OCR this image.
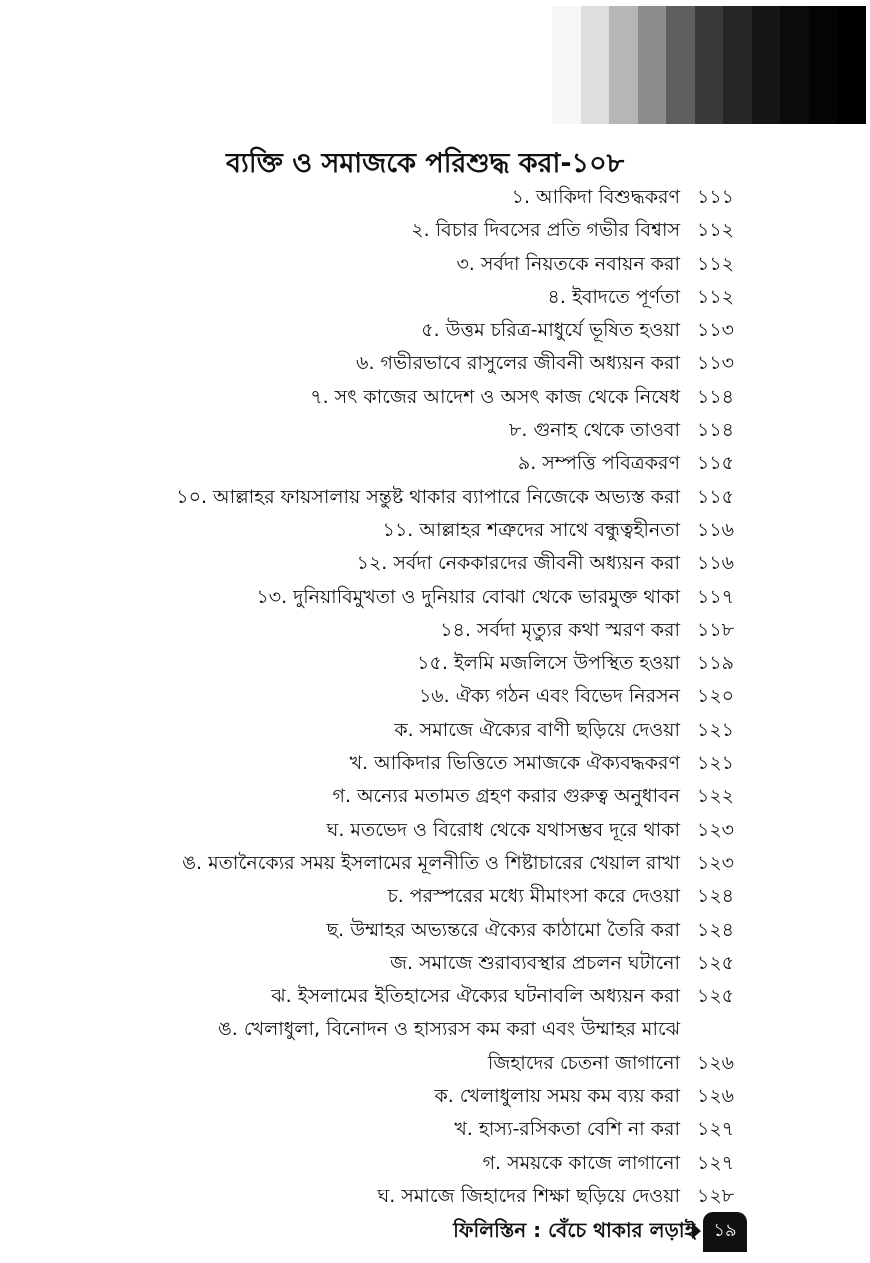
ব্যক্তি ও সমাজকে পরিশুদ্ধ করা-১০৮
১. আকিদা বিশুদ্ধকরণ ১১১
২. বিচার দিবসের প্রতি গভীর বিশ্বাস ১১২
৩. সর্বদা নিয়তকে নবায়ন করা ১১২
৪. ইবাদতে পূর্ণতা ১১২
৫. উত্তম চরিত্র-মাধুর্যে ভূষিত হওয়া ১১৩
৬. গভীরভাবে রাসুলের জীবনী অধ্যয়ন করা ১১৩
৭. সৎ কাজের আদেশ ও অসৎ কাজ থেকে নিষেধ ১১৪
৮. গুনাহ থেকে তাওবা ১১৪
৯. সম্পত্তি পবিত্রকরণ ১১৫
১০. আল্লাহর ফায়সালায় সন্তুষ্ট থাকার ব্যাপারে নিজেকে অভ্যস্ত করা ১১৫
১১. আল্লাহর শত্রুদের সাথে বন্ধুত্বহীনতা ১১৬
১২. সর্বদা নেককারদের জীবনী অধ্যয়ন করা ১১৬
১৩. দুনিয়াবিমুখতা ও দুনিয়ার বোঝা থেকে ভারমুক্ত থাকা ১১৭
১৪. সর্বদা মৃত্যুর কথা স্মরণ করা ১১৮
১৫. ইলমি মজলিসে উপস্থিত হওয়া ১১৯
১৬. ঐক্য গঠন এবং বিভেদ নিরসন ১২০
ক. সমাজে ঐক্যের বাণী ছড়িয়ে দেওয়া ১২১
খ. আকিদার ভিত্তিতে সমাজকে ঐক্যবদ্ধকরণ ১২১
গ. অন্যের মতামত গ্রহণ করার গুরুত্ব অনুধাবন ১২২
ঘ. মতভেদ ও বিরোধ থেকে যথাসম্ভব দূরে থাকা ১২৩
ঙ. মতানৈক্যের সময় ইসলামের মূলনীতি ও শিষ্টাচারের খেয়াল রাখা ১২৩
চ. পরস্পরের মধ্যে মীমাংসা করে দেওয়া ১২৪
ছ. উম্মাহর অভ্যন্তরে ঐক্যের কাঠামো তৈরি করা ১২৪
জ. সমাজে শুরাব্যবস্থার প্রচলন ঘটানো ১২৫
ঝ. ইসলামের ইতিহাসের ঐক্যের ঘটনাবলি অধ্যয়ন করা ১২৫
ঙ. খেলাধুলা, বিনোদন ও হাস্যরস কম করা এবং উম্মাহর মাঝে
জিহাদের চেতনা জাগানো ১২৬
ক. খেলাধুলায় সময় কম ব্যয় করা ১২৬
খ. হাস্য-রসিকতা বেশি না করা ১২৭
গ. সময়কে কাজে লাগানো ১২৭
ঘ. সমাজে জিহাদের শিক্ষা ছড়িয়ে দেওয়া ১২৮
ফিলিস্তিন : বেঁচে থাকার লড়াই	১৯
